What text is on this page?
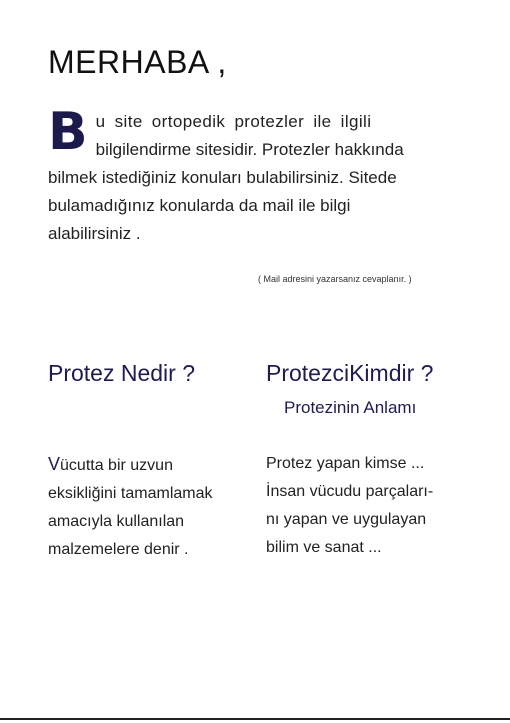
MERHABA ,
B u site ortopedik protezler ile ilgili
bilgilendirme sitesidir. Protezler hakkında
bilmek istediğiniz konuları bulabilirsiniz. Sitede
bulamadığınız konularda da mail ile bilgi
alabilirsiniz .
( Mail adresini yazarsanız cevaplanır. )
Protez Nedir ?	ProtezciKimdir ?
Protezinin Anlamı
Vücutta bir uzvun
eksikliğini tamamlamak
amacıyla kullanılan
malzemelere denir .
Protez yapan kimse ...
İnsan vücudu parçaları-
nı yapan ve uygulayan
bilim ve sanat ...
